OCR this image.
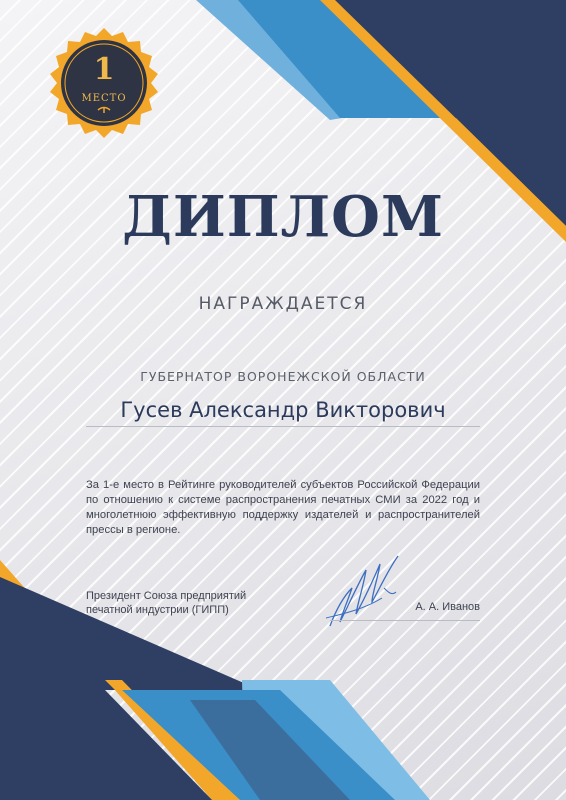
1
МЕСТО
ДИПЛОМ
НАГРАЖДАЕТСЯ
ГУБЕРНАТОР ВОРОНЕЖСКОЙ ОБЛАСТИ
Гусев Александр Викторович
За 1-е место в Рейтинге руководителей субъектов Российской Федерации по отношению к системе распространения печатных СМИ за 2022 год и многолетнюю эффективную поддержку издателей и распространителей прессы в регионе.
Президент Союза предприятий
печатной индустрии (ГИПП)	А. А. Иванов
